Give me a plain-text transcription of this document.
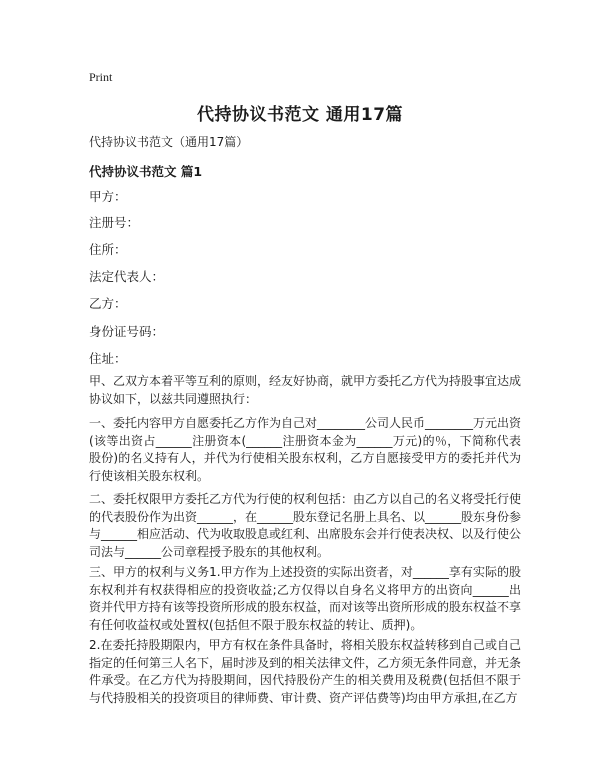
Print
代持协议书范文 通用17篇
代持协议书范文（通用17篇）
代持协议书范文 篇1
甲方：
注册号：
住所：
法定代表人：
乙方：
身份证号码：
住址：
甲、乙双方本着平等互利的原则，经友好协商，就甲方委托乙方代为持股事宜达成协议如下，以兹共同遵照执行：
一、委托内容甲方自愿委托乙方作为自己对________公司人民币________万元出资(该等出资占______注册资本(______注册资本金为______万元)的％，下简称代表股份)的名义持有人，并代为行使相关股东权利，乙方自愿接受甲方的委托并代为行使该相关股东权利。
二、委托权限甲方委托乙方代为行使的权利包括：由乙方以自己的名义将受托行使的代表股份作为出资______，在______股东登记名册上具名、以______股东身份参与______相应活动、代为收取股息或红利、出席股东会并行使表决权、以及行使公司法与______公司章程授予股东的其他权利。
三、甲方的权利与义务1.甲方作为上述投资的实际出资者，对______享有实际的股东权利并有权获得相应的投资收益;乙方仅得以自身名义将甲方的出资向______出资并代甲方持有该等投资所形成的股东权益，而对该等出资所形成的股东权益不享有任何收益权或处置权(包括但不限于股东权益的转让、质押)。
2.在委托持股期限内，甲方有权在条件具备时，将相关股东权益转移到自己或自己指定的任何第三人名下，届时涉及到的相关法律文件，乙方须无条件同意，并无条件承受。在乙方代为持股期间，因代持股份产生的相关费用及税费(包括但不限于与代持股相关的投资项目的律师费、审计费、资产评估费等)均由甲方承担,在乙方
